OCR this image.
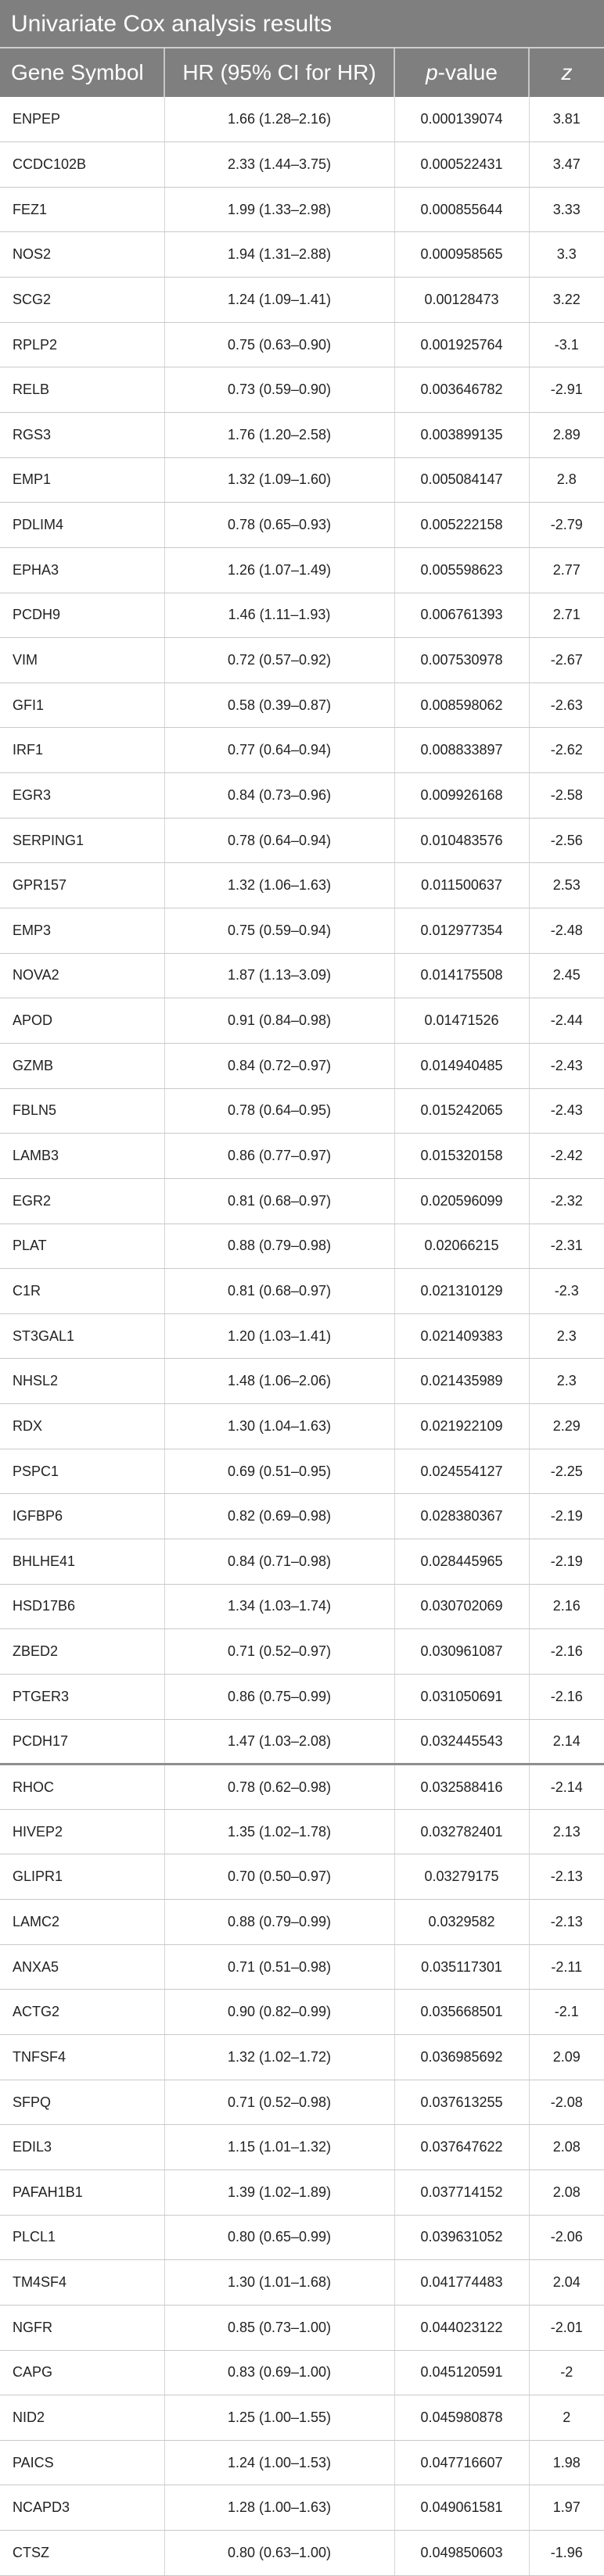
Univariate Cox analysis results
Gene Symbol	HR (95% CI for HR)	p-value	z
ENPEP	1.66 (1.28–2.16)	0.000139074	3.81
CCDC102B	2.33 (1.44–3.75)	0.000522431	3.47
FEZ1	1.99 (1.33–2.98)	0.000855644	3.33
NOS2	1.94 (1.31–2.88)	0.000958565	3.3
SCG2	1.24 (1.09–1.41)	0.00128473	3.22
RPLP2	0.75 (0.63–0.90)	0.001925764	-3.1
RELB	0.73 (0.59–0.90)	0.003646782	-2.91
RGS3	1.76 (1.20–2.58)	0.003899135	2.89
EMP1	1.32 (1.09–1.60)	0.005084147	2.8
PDLIM4	0.78 (0.65–0.93)	0.005222158	-2.79
EPHA3	1.26 (1.07–1.49)	0.005598623	2.77
PCDH9	1.46 (1.11–1.93)	0.006761393	2.71
VIM	0.72 (0.57–0.92)	0.007530978	-2.67
GFI1	0.58 (0.39–0.87)	0.008598062	-2.63
IRF1	0.77 (0.64–0.94)	0.008833897	-2.62
EGR3	0.84 (0.73–0.96)	0.009926168	-2.58
SERPING1	0.78 (0.64–0.94)	0.010483576	-2.56
GPR157	1.32 (1.06–1.63)	0.011500637	2.53
EMP3	0.75 (0.59–0.94)	0.012977354	-2.48
NOVA2	1.87 (1.13–3.09)	0.014175508	2.45
APOD	0.91 (0.84–0.98)	0.01471526	-2.44
GZMB	0.84 (0.72–0.97)	0.014940485	-2.43
FBLN5	0.78 (0.64–0.95)	0.015242065	-2.43
LAMB3	0.86 (0.77–0.97)	0.015320158	-2.42
EGR2	0.81 (0.68–0.97)	0.020596099	-2.32
PLAT	0.88 (0.79–0.98)	0.02066215	-2.31
C1R	0.81 (0.68–0.97)	0.021310129	-2.3
ST3GAL1	1.20 (1.03–1.41)	0.021409383	2.3
NHSL2	1.48 (1.06–2.06)	0.021435989	2.3
RDX	1.30 (1.04–1.63)	0.021922109	2.29
PSPC1	0.69 (0.51–0.95)	0.024554127	-2.25
IGFBP6	0.82 (0.69–0.98)	0.028380367	-2.19
BHLHE41	0.84 (0.71–0.98)	0.028445965	-2.19
HSD17B6	1.34 (1.03–1.74)	0.030702069	2.16
ZBED2	0.71 (0.52–0.97)	0.030961087	-2.16
PTGER3	0.86 (0.75–0.99)	0.031050691	-2.16
PCDH17	1.47 (1.03–2.08)	0.032445543	2.14
RHOC	0.78 (0.62–0.98)	0.032588416	-2.14
HIVEP2	1.35 (1.02–1.78)	0.032782401	2.13
GLIPR1	0.70 (0.50–0.97)	0.03279175	-2.13
LAMC2	0.88 (0.79–0.99)	0.0329582	-2.13
ANXA5	0.71 (0.51–0.98)	0.035117301	-2.11
ACTG2	0.90 (0.82–0.99)	0.035668501	-2.1
TNFSF4	1.32 (1.02–1.72)	0.036985692	2.09
SFPQ	0.71 (0.52–0.98)	0.037613255	-2.08
EDIL3	1.15 (1.01–1.32)	0.037647622	2.08
PAFAH1B1	1.39 (1.02–1.89)	0.037714152	2.08
PLCL1	0.80 (0.65–0.99)	0.039631052	-2.06
TM4SF4	1.30 (1.01–1.68)	0.041774483	2.04
NGFR	0.85 (0.73–1.00)	0.044023122	-2.01
CAPG	0.83 (0.69–1.00)	0.045120591	-2
NID2	1.25 (1.00–1.55)	0.045980878	2
PAICS	1.24 (1.00–1.53)	0.047716607	1.98
NCAPD3	1.28 (1.00–1.63)	0.049061581	1.97
CTSZ	0.80 (0.63–1.00)	0.049850603	-1.96
